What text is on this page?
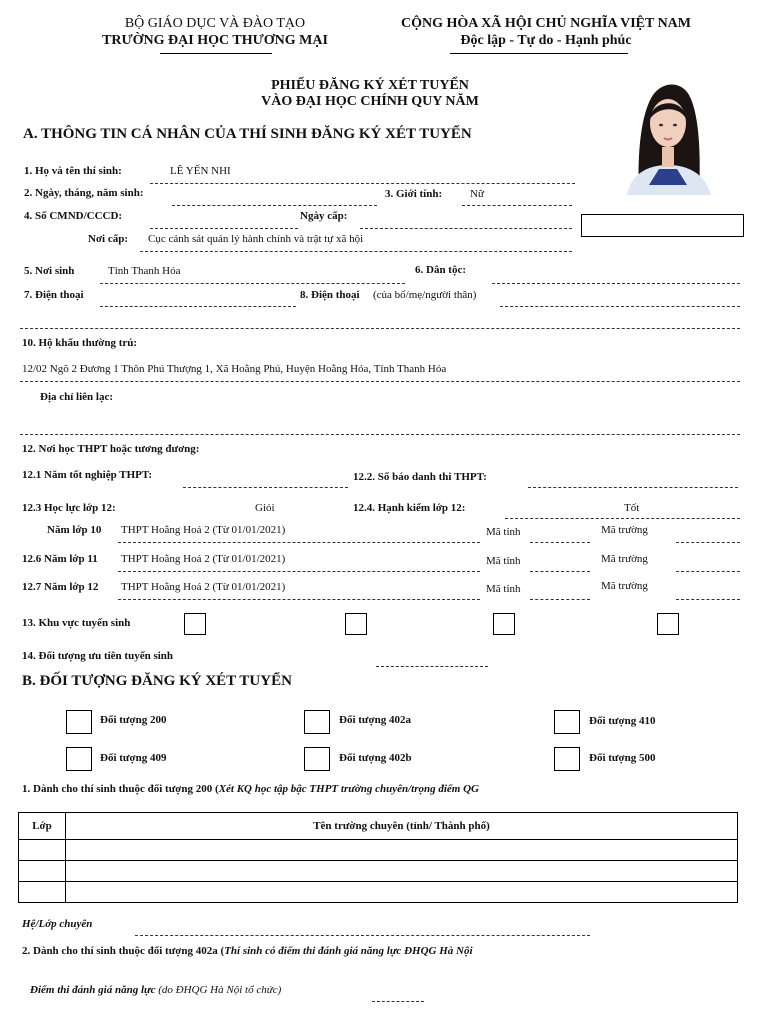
BỘ GIÁO DỤC VÀ ĐÀO TẠO
TRƯỜNG ĐẠI HỌC THƯƠNG MẠI
CỘNG HÒA XÃ HỘI CHỦ NGHĨA VIỆT NAM
Độc lập - Tự do - Hạnh phúc
PHIẾU ĐĂNG KÝ XÉT TUYỂN
VÀO ĐẠI HỌC CHÍNH QUY NĂM
A. THÔNG TIN CÁ NHÂN CỦA THÍ SINH ĐĂNG KÝ XÉT TUYỂN
1. Họ và tên thí sinh:	LÊ YẾN NHI
2. Ngày, tháng, năm sinh:	3. Giới tính:	Nữ
4. Số CMND/CCCD:	Ngày cấp:
Nơi cấp: Cục cảnh sát quản lý hành chính và trật tự xã hội
5. Nơi sinh	Tỉnh Thanh Hóa	6. Dân tộc:
7. Điện thoại	8. Điện thoại (của bố/mẹ/người thân)
10. Hộ khẩu thường trú:
12/02 Ngõ 2 Đương 1 Thôn Phú Thượng 1, Xã Hoằng Phú, Huyện Hoằng Hóa, Tỉnh Thanh Hóa
Địa chỉ liên lạc:
12. Nơi học THPT hoặc tương đương:
12.1 Năm tốt nghiệp THPT:	12.2. Số báo danh thi THPT:
12.3 Học lực lớp 12:	Giỏi	12.4. Hạnh kiểm lớp 12:	Tốt
Năm lớp 10 THPT Hoằng Hoá 2 (Từ 01/01/2021)	Mã tỉnh	Mã trường
12.6 Năm lớp 11 THPT Hoằng Hoá 2 (Từ 01/01/2021)	Mã tỉnh	Mã trường
12.7 Năm lớp 12 THPT Hoằng Hoá 2 (Từ 01/01/2021)	Mã tỉnh	Mã trường
13. Khu vực tuyển sinh
14. Đối tượng ưu tiên tuyển sinh
B. ĐỐI TƯỢNG ĐĂNG KÝ XÉT TUYỂN
Đối tượng 200	Đối tượng 402a	Đối tượng 410
Đối tượng 409	Đối tượng 402b	Đối tượng 500
1. Dành cho thí sinh thuộc đối tượng 200 (Xét KQ học tập bậc THPT trường chuyên/trọng điểm QG
Lớp	Tên trường chuyên (tỉnh/ Thành phố)

Hệ/Lớp chuyên
2. Dành cho thí sinh thuộc đối tượng 402a (Thí sinh có điểm thi đánh giá năng lực ĐHQG Hà Nội
Điểm thi đánh giá năng lực (do ĐHQG Hà Nội tổ chức)
